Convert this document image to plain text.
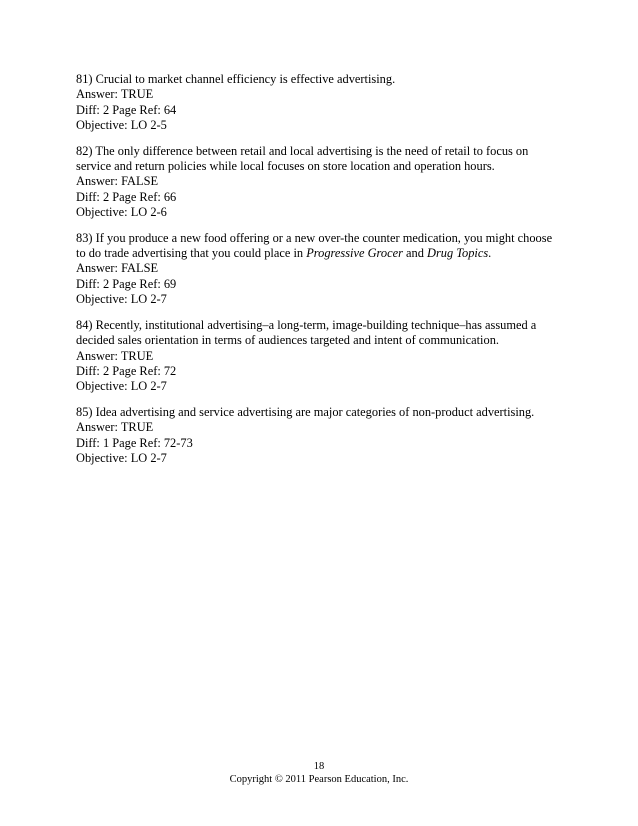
81) Crucial to market channel efficiency is effective advertising.
Answer: TRUE
Diff: 2 Page Ref: 64
Objective: LO 2-5
82) The only difference between retail and local advertising is the need of retail to focus on
service and return policies while local focuses on store location and operation hours.
Answer: FALSE
Diff: 2 Page Ref: 66
Objective: LO 2-6
83) If you produce a new food offering or a new over-the counter medication, you might choose
to do trade advertising that you could place in Progressive Grocer and Drug Topics.
Answer: FALSE
Diff: 2 Page Ref: 69
Objective: LO 2-7
84) Recently, institutional advertising–a long-term, image-building technique–has assumed a
decided sales orientation in terms of audiences targeted and intent of communication.
Answer: TRUE
Diff: 2 Page Ref: 72
Objective: LO 2-7
85) Idea advertising and service advertising are major categories of non-product advertising.
Answer: TRUE
Diff: 1 Page Ref: 72-73
Objective: LO 2-7
18
Copyright © 2011 Pearson Education, Inc.
